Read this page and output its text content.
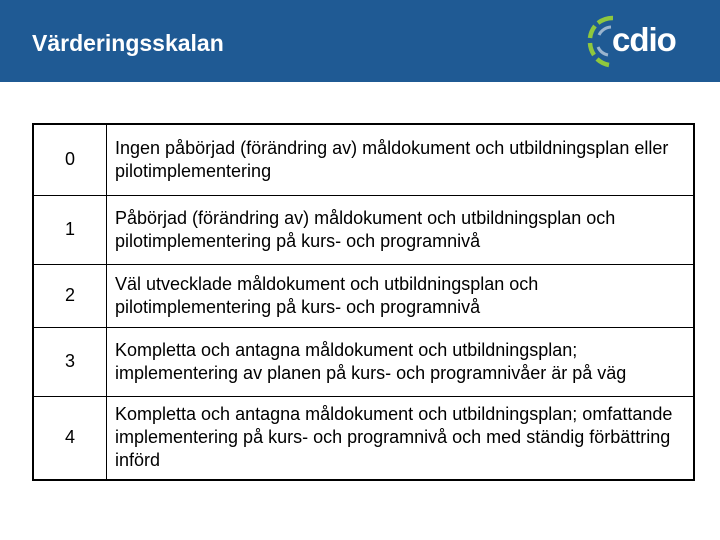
Värderingsskalan	cdio
0	Ingen påbörjad (förändring av) måldokument och utbildningsplan eller pilotimplementering
1	Påbörjad (förändring av) måldokument och utbildningsplan och pilotimplementering på kurs- och programnivå
2	Väl utvecklade måldokument och utbildningsplan och pilotimplementering på kurs- och programnivå
3	Kompletta och antagna måldokument och utbildningsplan; implementering av planen på kurs- och programnivåer är på väg
4	Kompletta och antagna måldokument och utbildningsplan; omfattande implementering på kurs- och programnivå och med ständig förbättring införd
